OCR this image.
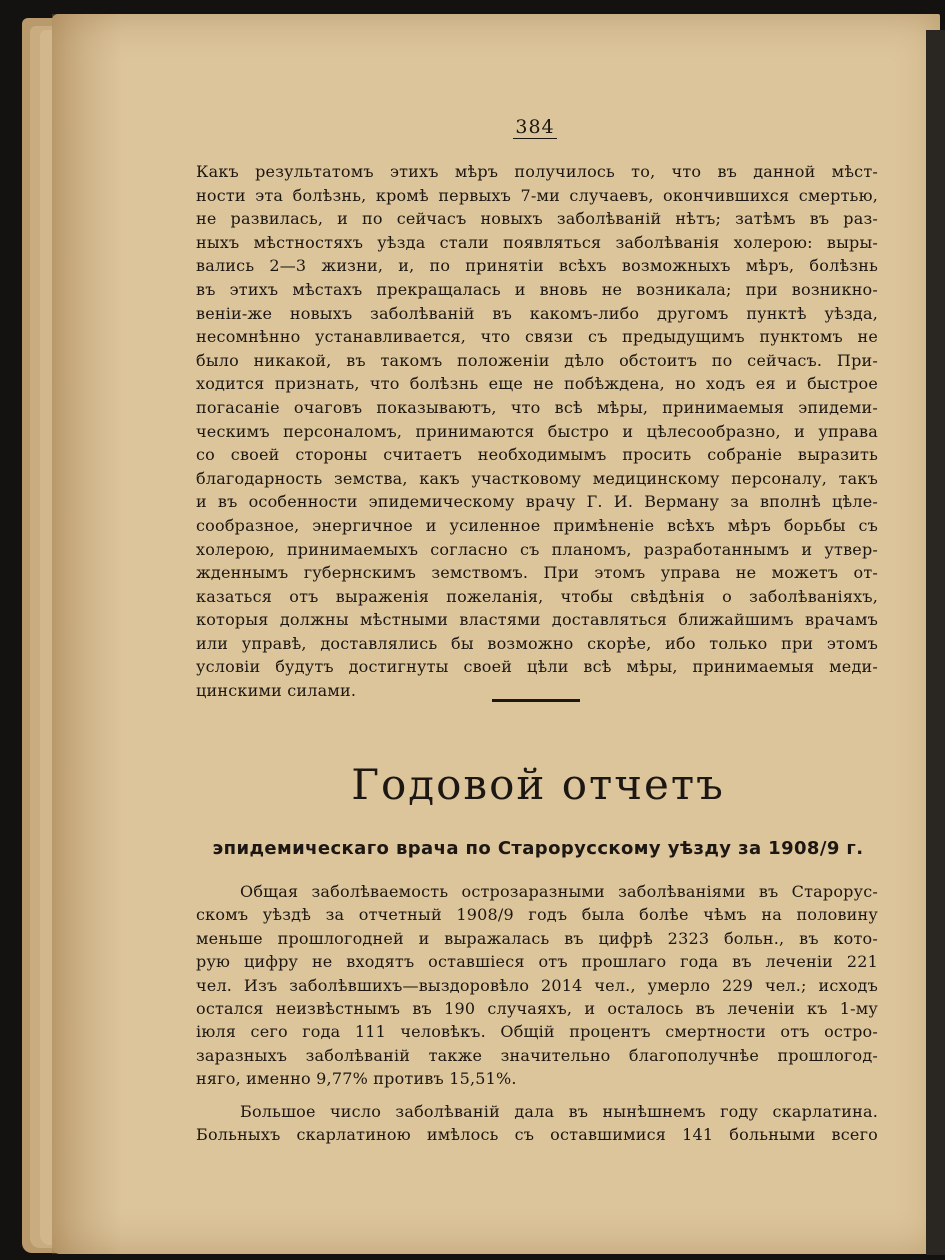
384
Какъ результатомъ этихъ мѣръ получилось то, что въ данной мѣст-
ности эта болѣзнь, кромѣ первыхъ 7-ми случаевъ, окончившихся смертью,
не развилась, и по сейчасъ новыхъ заболѣваній нѣтъ; затѣмъ въ раз-
ныхъ мѣстностяхъ уѣзда стали появляться заболѣванія холерою: выры-
вались 2—3 жизни, и, по принятіи всѣхъ возможныхъ мѣръ, болѣзнь
въ этихъ мѣстахъ прекращалась и вновь не возникала; при возникно-
веніи-же новыхъ заболѣваній въ какомъ-либо другомъ пунктѣ уѣзда,
несомнѣнно устанавливается, что связи съ предыдущимъ пунктомъ не
было никакой, въ такомъ положеніи дѣло обстоитъ по сейчасъ. При-
ходится признать, что болѣзнь еще не побѣждена, но ходъ ея и быстрое
погасаніе очаговъ показываютъ, что всѣ мѣры, принимаемыя эпидеми-
ческимъ персоналомъ, принимаются быстро и цѣлесообразно, и управа
со своей стороны считаетъ необходимымъ просить собраніе выразить
благодарность земства, какъ участковому медицинскому персоналу, такъ
и въ особенности эпидемическому врачу Г. И. Верману за вполнѣ цѣле-
сообразное, энергичное и усиленное примѣненіе всѣхъ мѣръ борьбы съ
холерою, принимаемыхъ согласно съ планомъ, разработаннымъ и утвер-
жденнымъ губернскимъ земствомъ. При этомъ управа не можетъ от-
казаться отъ выраженія пожеланія, чтобы свѣдѣнія о заболѣваніяхъ,
которыя должны мѣстными властями доставляться ближайшимъ врачамъ
или управѣ, доставлялись бы возможно скорѣе, ибо только при этомъ
условіи будутъ достигнуты своей цѣли всѣ мѣры, принимаемыя меди-
цинскими силами.
Годовой отчетъ
эпидемическаго врача по Старорусскому уѣзду за 1908/9 г.
Общая заболѣваемость острозаразными заболѣваніями въ Старорус-
скомъ уѣздѣ за отчетный 1908/9 годъ была болѣе чѣмъ на половину
меньше прошлогодней и выражалась въ цифрѣ 2323 больн., въ кото-
рую цифру не входятъ оставшіеся отъ прошлаго года въ леченіи 221
чел. Изъ заболѣвшихъ—выздоровѣло 2014 чел., умерло 229 чел.; исходъ
остался неизвѣстнымъ въ 190 случаяхъ, и осталось въ леченіи къ 1-му
іюля сего года 111 человѣкъ. Общій процентъ смертности отъ остро-
заразныхъ заболѣваній также значительно благополучнѣе прошлогод-
няго, именно 9,77% противъ 15,51%.
Большое число заболѣваній дала въ нынѣшнемъ году скарлатина.
Больныхъ скарлатиною имѣлось съ оставшимися 141 больными всего
